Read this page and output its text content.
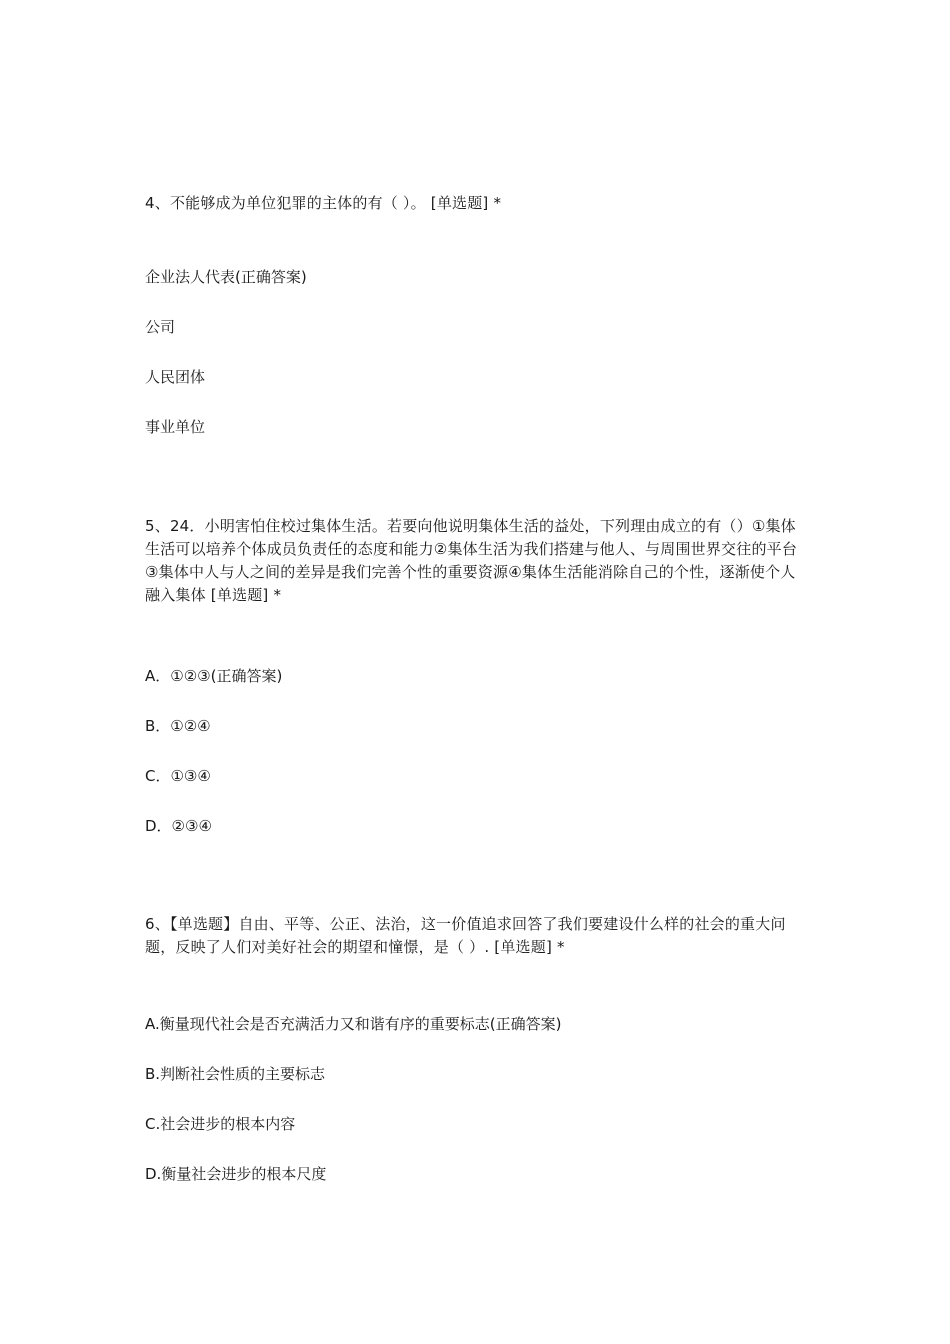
4、不能够成为单位犯罪的主体的有（ ）。 [单选题] *

企业法人代表(正确答案)

公司

人民团体

事业单位

5、24．小明害怕住校过集体生活。若要向他说明集体生活的益处，下列理由成立的有（）①集体生活可以培养个体成员负责任的态度和能力②集体生活为我们搭建与他人、与周围世界交往的平台③集体中人与人之间的差异是我们完善个性的重要资源④集体生活能消除自己的个性，逐渐使个人融入集体 [单选题] *

A．①②③(正确答案)

B．①②④

C．①③④

D．②③④

6、【单选题】自由、平等、公正、法治，这一价值追求回答了我们要建设什么样的社会的重大问题，反映了人们对美好社会的期望和憧憬，是（ ）. [单选题] *

A.衡量现代社会是否充满活力又和谐有序的重要标志(正确答案)

B.判断社会性质的主要标志

C.社会进步的根本内容

D.衡量社会进步的根本尺度
